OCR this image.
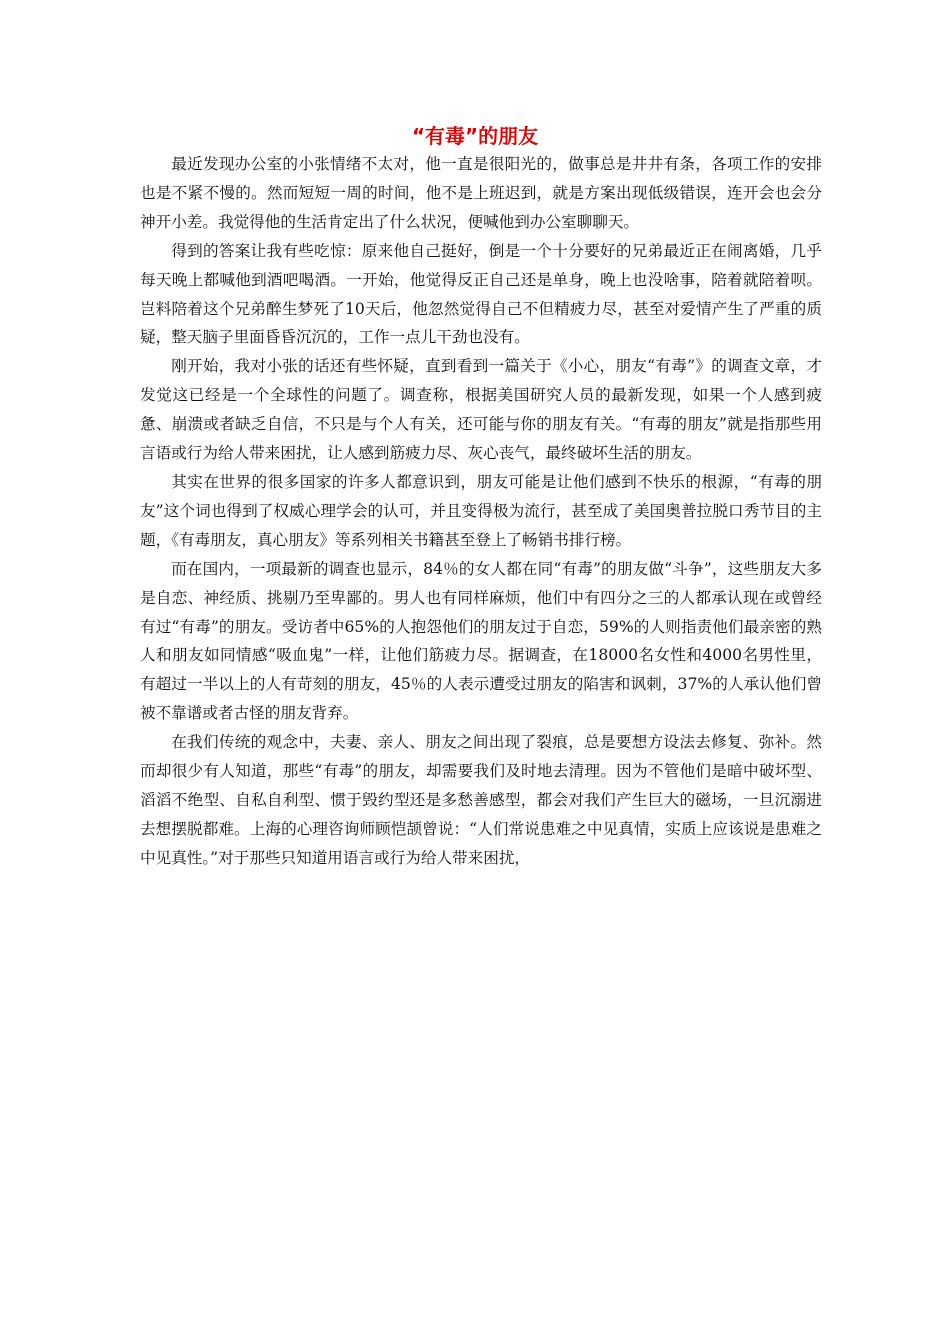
“有毒”的朋友

最近发现办公室的小张情绪不太对，他一直是很阳光的，做事总是井井有条，各项工作的安排也是不紧不慢的。然而短短一周的时间，他不是上班迟到，就是方案出现低级错误，连开会也会分神开小差。我觉得他的生活肯定出了什么状况，便喊他到办公室聊聊天。

得到的答案让我有些吃惊：原来他自己挺好，倒是一个十分要好的兄弟最近正在闹离婚，几乎每天晚上都喊他到酒吧喝酒。一开始，他觉得反正自己还是单身，晚上也没啥事，陪着就陪着呗。岂料陪着这个兄弟醉生梦死了10天后，他忽然觉得自己不但精疲力尽，甚至对爱情产生了严重的质疑，整天脑子里面昏昏沉沉的，工作一点儿干劲也没有。

刚开始，我对小张的话还有些怀疑，直到看到一篇关于《小心，朋友“有毒”》的调查文章，才发觉这已经是一个全球性的问题了。调查称，根据美国研究人员的最新发现，如果一个人感到疲惫、崩溃或者缺乏自信，不只是与个人有关，还可能与你的朋友有关。“有毒的朋友”就是指那些用言语或行为给人带来困扰，让人感到筋疲力尽、灰心丧气，最终破坏生活的朋友。

其实在世界的很多国家的许多人都意识到，朋友可能是让他们感到不快乐的根源，“有毒的朋友”这个词也得到了权威心理学会的认可，并且变得极为流行，甚至成了美国奥普拉脱口秀节目的主题，《有毒朋友，真心朋友》等系列相关书籍甚至登上了畅销书排行榜。

而在国内，一项最新的调查也显示，84％的女人都在同“有毒”的朋友做“斗争”，这些朋友大多是自恋、神经质、挑剔乃至卑鄙的。男人也有同样麻烦，他们中有四分之三的人都承认现在或曾经有过“有毒”的朋友。受访者中65%的人抱怨他们的朋友过于自恋，59%的人则指责他们最亲密的熟人和朋友如同情感“吸血鬼”一样，让他们筋疲力尽。据调查，在18000名女性和4000名男性里，有超过一半以上的人有苛刻的朋友，45％的人表示遭受过朋友的陷害和讽刺，37%的人承认他们曾被不靠谱或者古怪的朋友背弃。

在我们传统的观念中，夫妻、亲人、朋友之间出现了裂痕，总是要想方设法去修复、弥补。然而却很少有人知道，那些“有毒”的朋友，却需要我们及时地去清理。因为不管他们是暗中破坏型、滔滔不绝型、自私自利型、惯于毁约型还是多愁善感型，都会对我们产生巨大的磁场，一旦沉溺进去想摆脱都难。上海的心理咨询师顾恺颉曾说：“人们常说患难之中见真情，实质上应该说是患难之中见真性。”对于那些只知道用语言或行为给人带来困扰，
